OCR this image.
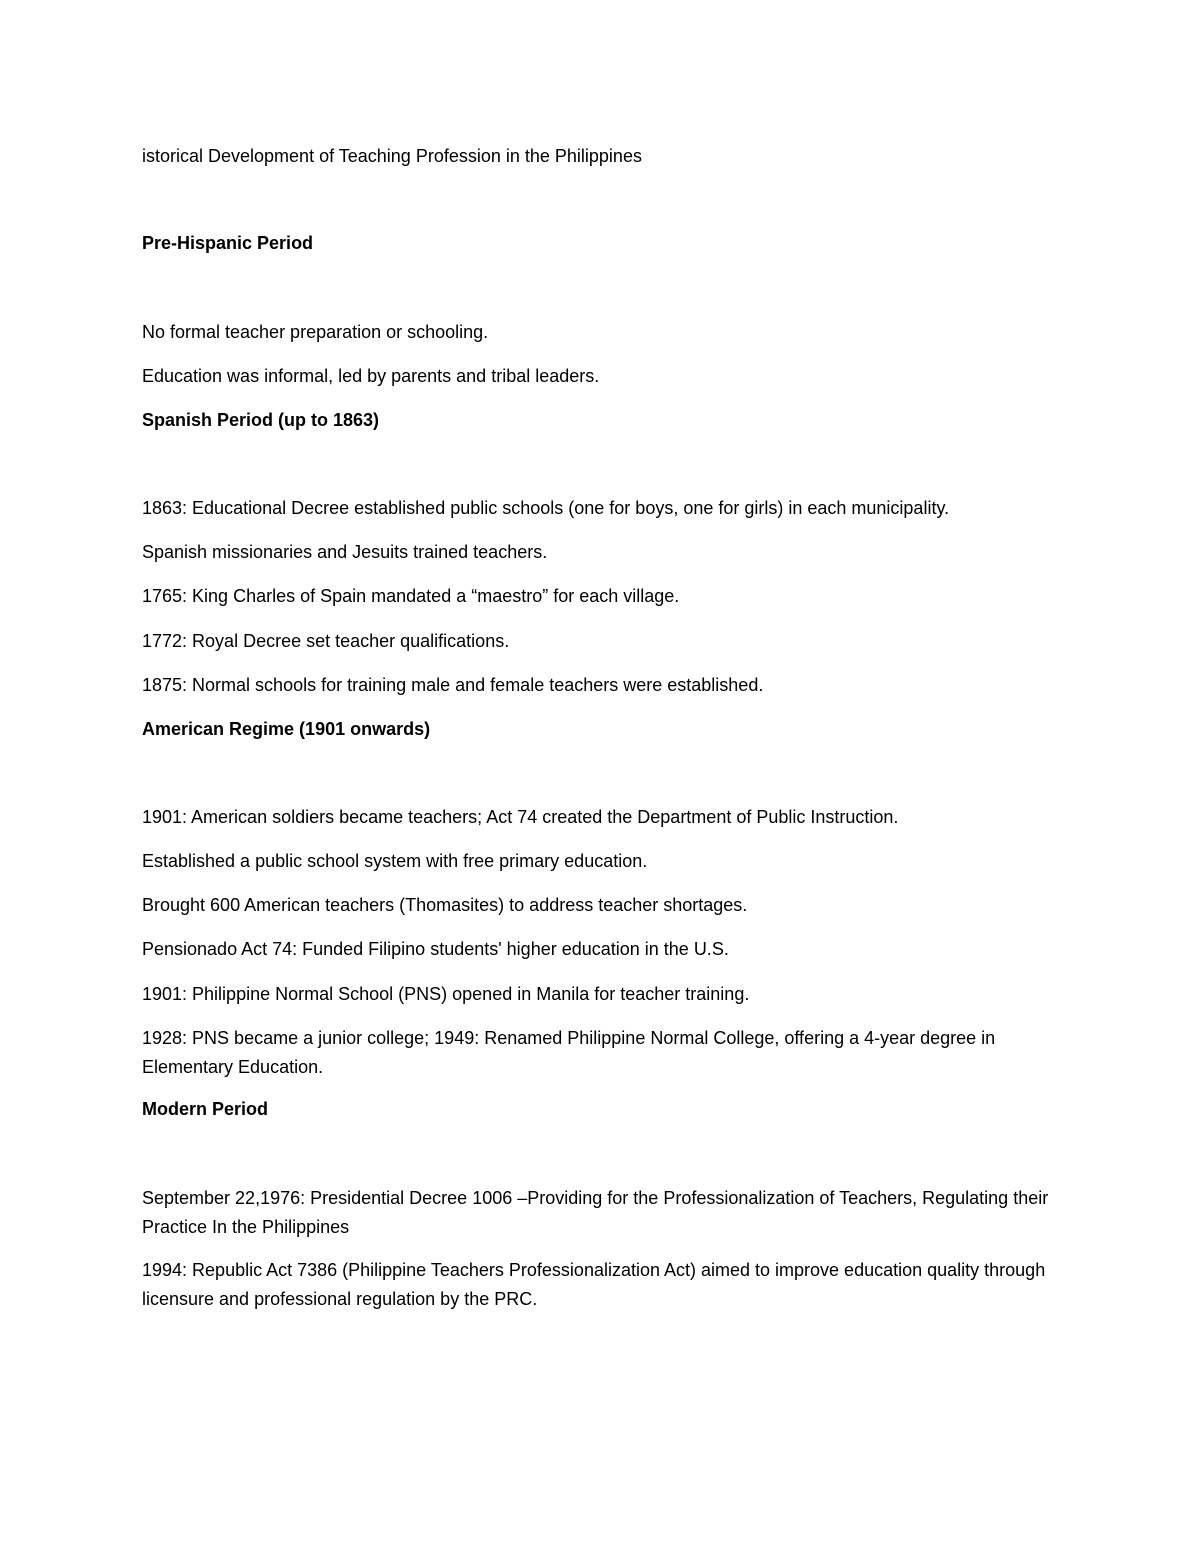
istorical Development of Teaching Profession in the Philippines
Pre-Hispanic Period
No formal teacher preparation or schooling.
Education was informal, led by parents and tribal leaders.
Spanish Period (up to 1863)
1863: Educational Decree established public schools (one for boys, one for girls) in each municipality.
Spanish missionaries and Jesuits trained teachers.
1765: King Charles of Spain mandated a “maestro” for each village.
1772: Royal Decree set teacher qualifications.
1875: Normal schools for training male and female teachers were established.
American Regime (1901 onwards)
1901: American soldiers became teachers; Act 74 created the Department of Public Instruction.
Established a public school system with free primary education.
Brought 600 American teachers (Thomasites) to address teacher shortages.
Pensionado Act 74: Funded Filipino students' higher education in the U.S.
1901: Philippine Normal School (PNS) opened in Manila for teacher training.
1928: PNS became a junior college; 1949: Renamed Philippine Normal College, offering a 4-year degree in Elementary Education.
Modern Period
September 22,1976: Presidential Decree 1006 –Providing for the Professionalization of Teachers, Regulating their Practice In the Philippines
1994: Republic Act 7386 (Philippine Teachers Professionalization Act) aimed to improve education quality through licensure and professional regulation by the PRC.
